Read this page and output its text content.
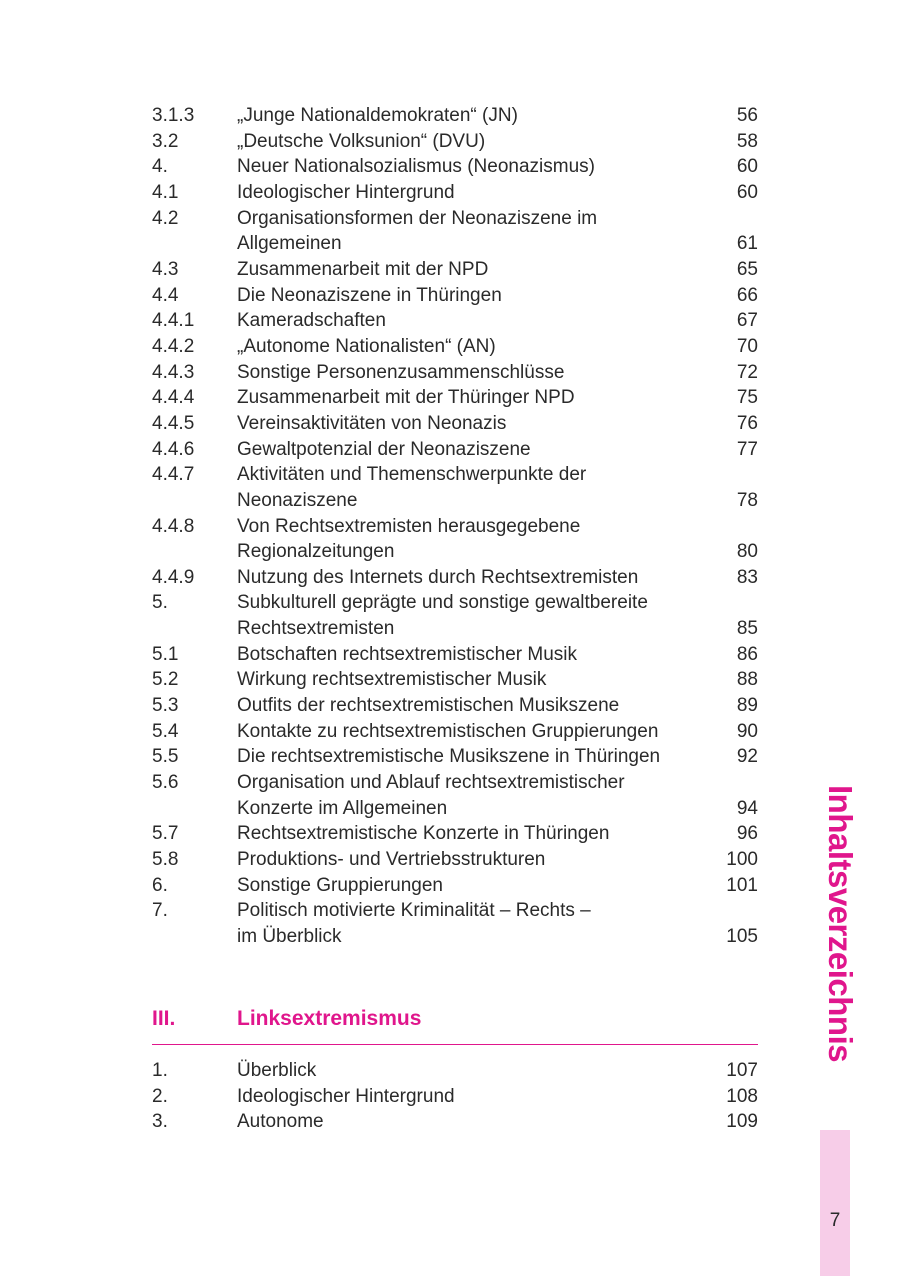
3.1.3	„Junge Nationaldemokraten“ (JN)	56
3.2	„Deutsche Volksunion“ (DVU)	58
4.	Neuer Nationalsozialismus (Neonazismus)	60
4.1	Ideologischer Hintergrund	60
4.2	Organisationsformen der Neonaziszene im
Allgemeinen	61
4.3	Zusammenarbeit mit der NPD	65
4.4	Die Neonaziszene in Thüringen	66
4.4.1	Kameradschaften	67
4.4.2	„Autonome Nationalisten“ (AN)	70
4.4.3	Sonstige Personenzusammenschlüsse	72
4.4.4	Zusammenarbeit mit der Thüringer NPD	75
4.4.5	Vereinsaktivitäten von Neonazis	76
4.4.6	Gewaltpotenzial der Neonaziszene	77
4.4.7	Aktivitäten und Themenschwerpunkte der
Neonaziszene	78
4.4.8	Von Rechtsextremisten herausgegebene
Regionalzeitungen	80
4.4.9	Nutzung des Internets durch Rechtsextremisten	83
5.	Subkulturell geprägte und sonstige gewaltbereite
Rechtsextremisten	85
5.1	Botschaften rechtsextremistischer Musik	86
5.2	Wirkung rechtsextremistischer Musik	88
5.3	Outfits der rechtsextremistischen Musikszene	89
5.4	Kontakte zu rechtsextremistischen Gruppierungen	90
5.5	Die rechtsextremistische Musikszene in Thüringen	92
5.6	Organisation und Ablauf rechtsextremistischer
Konzerte im Allgemeinen	94
5.7	Rechtsextremistische Konzerte in Thüringen	96
5.8	Produktions- und Vertriebsstrukturen	100
6.	Sonstige Gruppierungen	101
7.	Politisch motivierte Kriminalität – Rechts –
im Überblick	105
III.	Linksextremismus
1.	Überblick	107
2.	Ideologischer Hintergrund	108
3.	Autonome	109
Inhaltsverzeichnis
7
